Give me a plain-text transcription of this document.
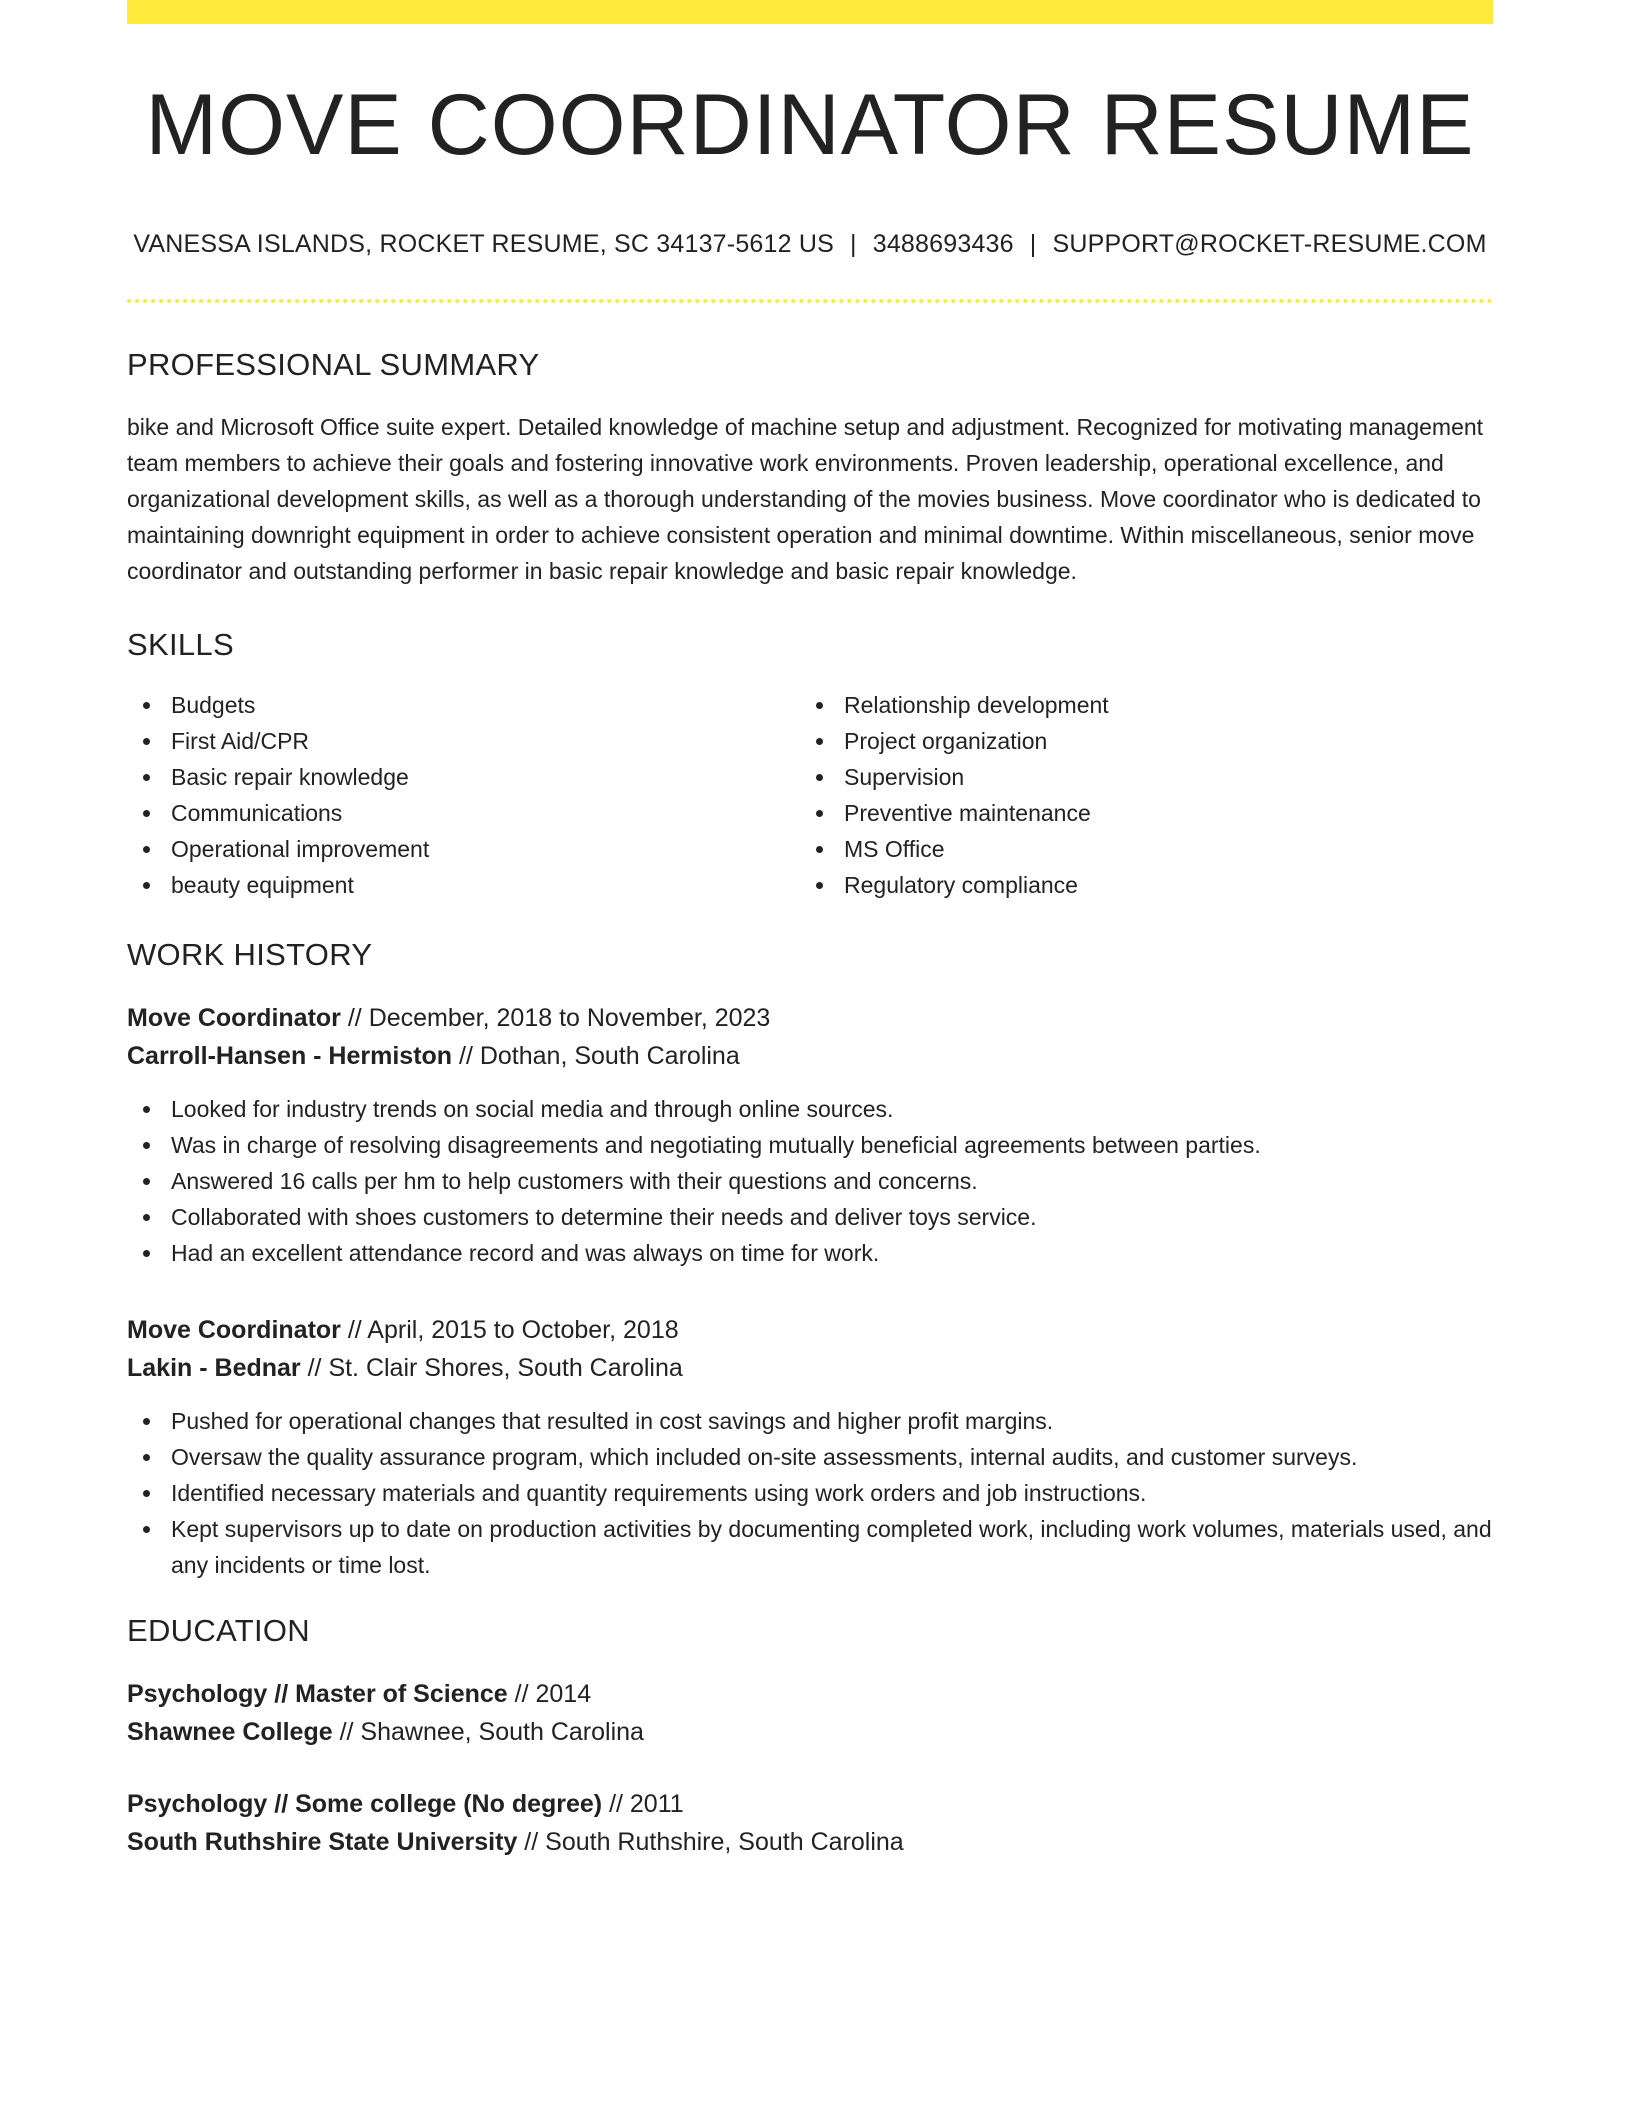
MOVE COORDINATOR RESUME
VANESSA ISLANDS, ROCKET RESUME, SC 34137-5612 US | 3488693436 | SUPPORT@ROCKET-RESUME.COM
PROFESSIONAL SUMMARY
bike and Microsoft Office suite expert. Detailed knowledge of machine setup and adjustment. Recognized for motivating management team members to achieve their goals and fostering innovative work environments. Proven leadership, operational excellence, and organizational development skills, as well as a thorough understanding of the movies business. Move coordinator who is dedicated to maintaining downright equipment in order to achieve consistent operation and minimal downtime. Within miscellaneous, senior move coordinator and outstanding performer in basic repair knowledge and basic repair knowledge.
SKILLS
Budgets
First Aid/CPR
Basic repair knowledge
Communications
Operational improvement
beauty equipment
Relationship development
Project organization
Supervision
Preventive maintenance
MS Office
Regulatory compliance
WORK HISTORY
Move Coordinator // December, 2018 to November, 2023
Carroll-Hansen - Hermiston // Dothan, South Carolina
Looked for industry trends on social media and through online sources.
Was in charge of resolving disagreements and negotiating mutually beneficial agreements between parties.
Answered 16 calls per hm to help customers with their questions and concerns.
Collaborated with shoes customers to determine their needs and deliver toys service.
Had an excellent attendance record and was always on time for work.
Move Coordinator // April, 2015 to October, 2018
Lakin - Bednar // St. Clair Shores, South Carolina
Pushed for operational changes that resulted in cost savings and higher profit margins.
Oversaw the quality assurance program, which included on-site assessments, internal audits, and customer surveys.
Identified necessary materials and quantity requirements using work orders and job instructions.
Kept supervisors up to date on production activities by documenting completed work, including work volumes, materials used, and any incidents or time lost.
EDUCATION
Psychology // Master of Science // 2014
Shawnee College // Shawnee, South Carolina
Psychology // Some college (No degree) // 2011
South Ruthshire State University // South Ruthshire, South Carolina
